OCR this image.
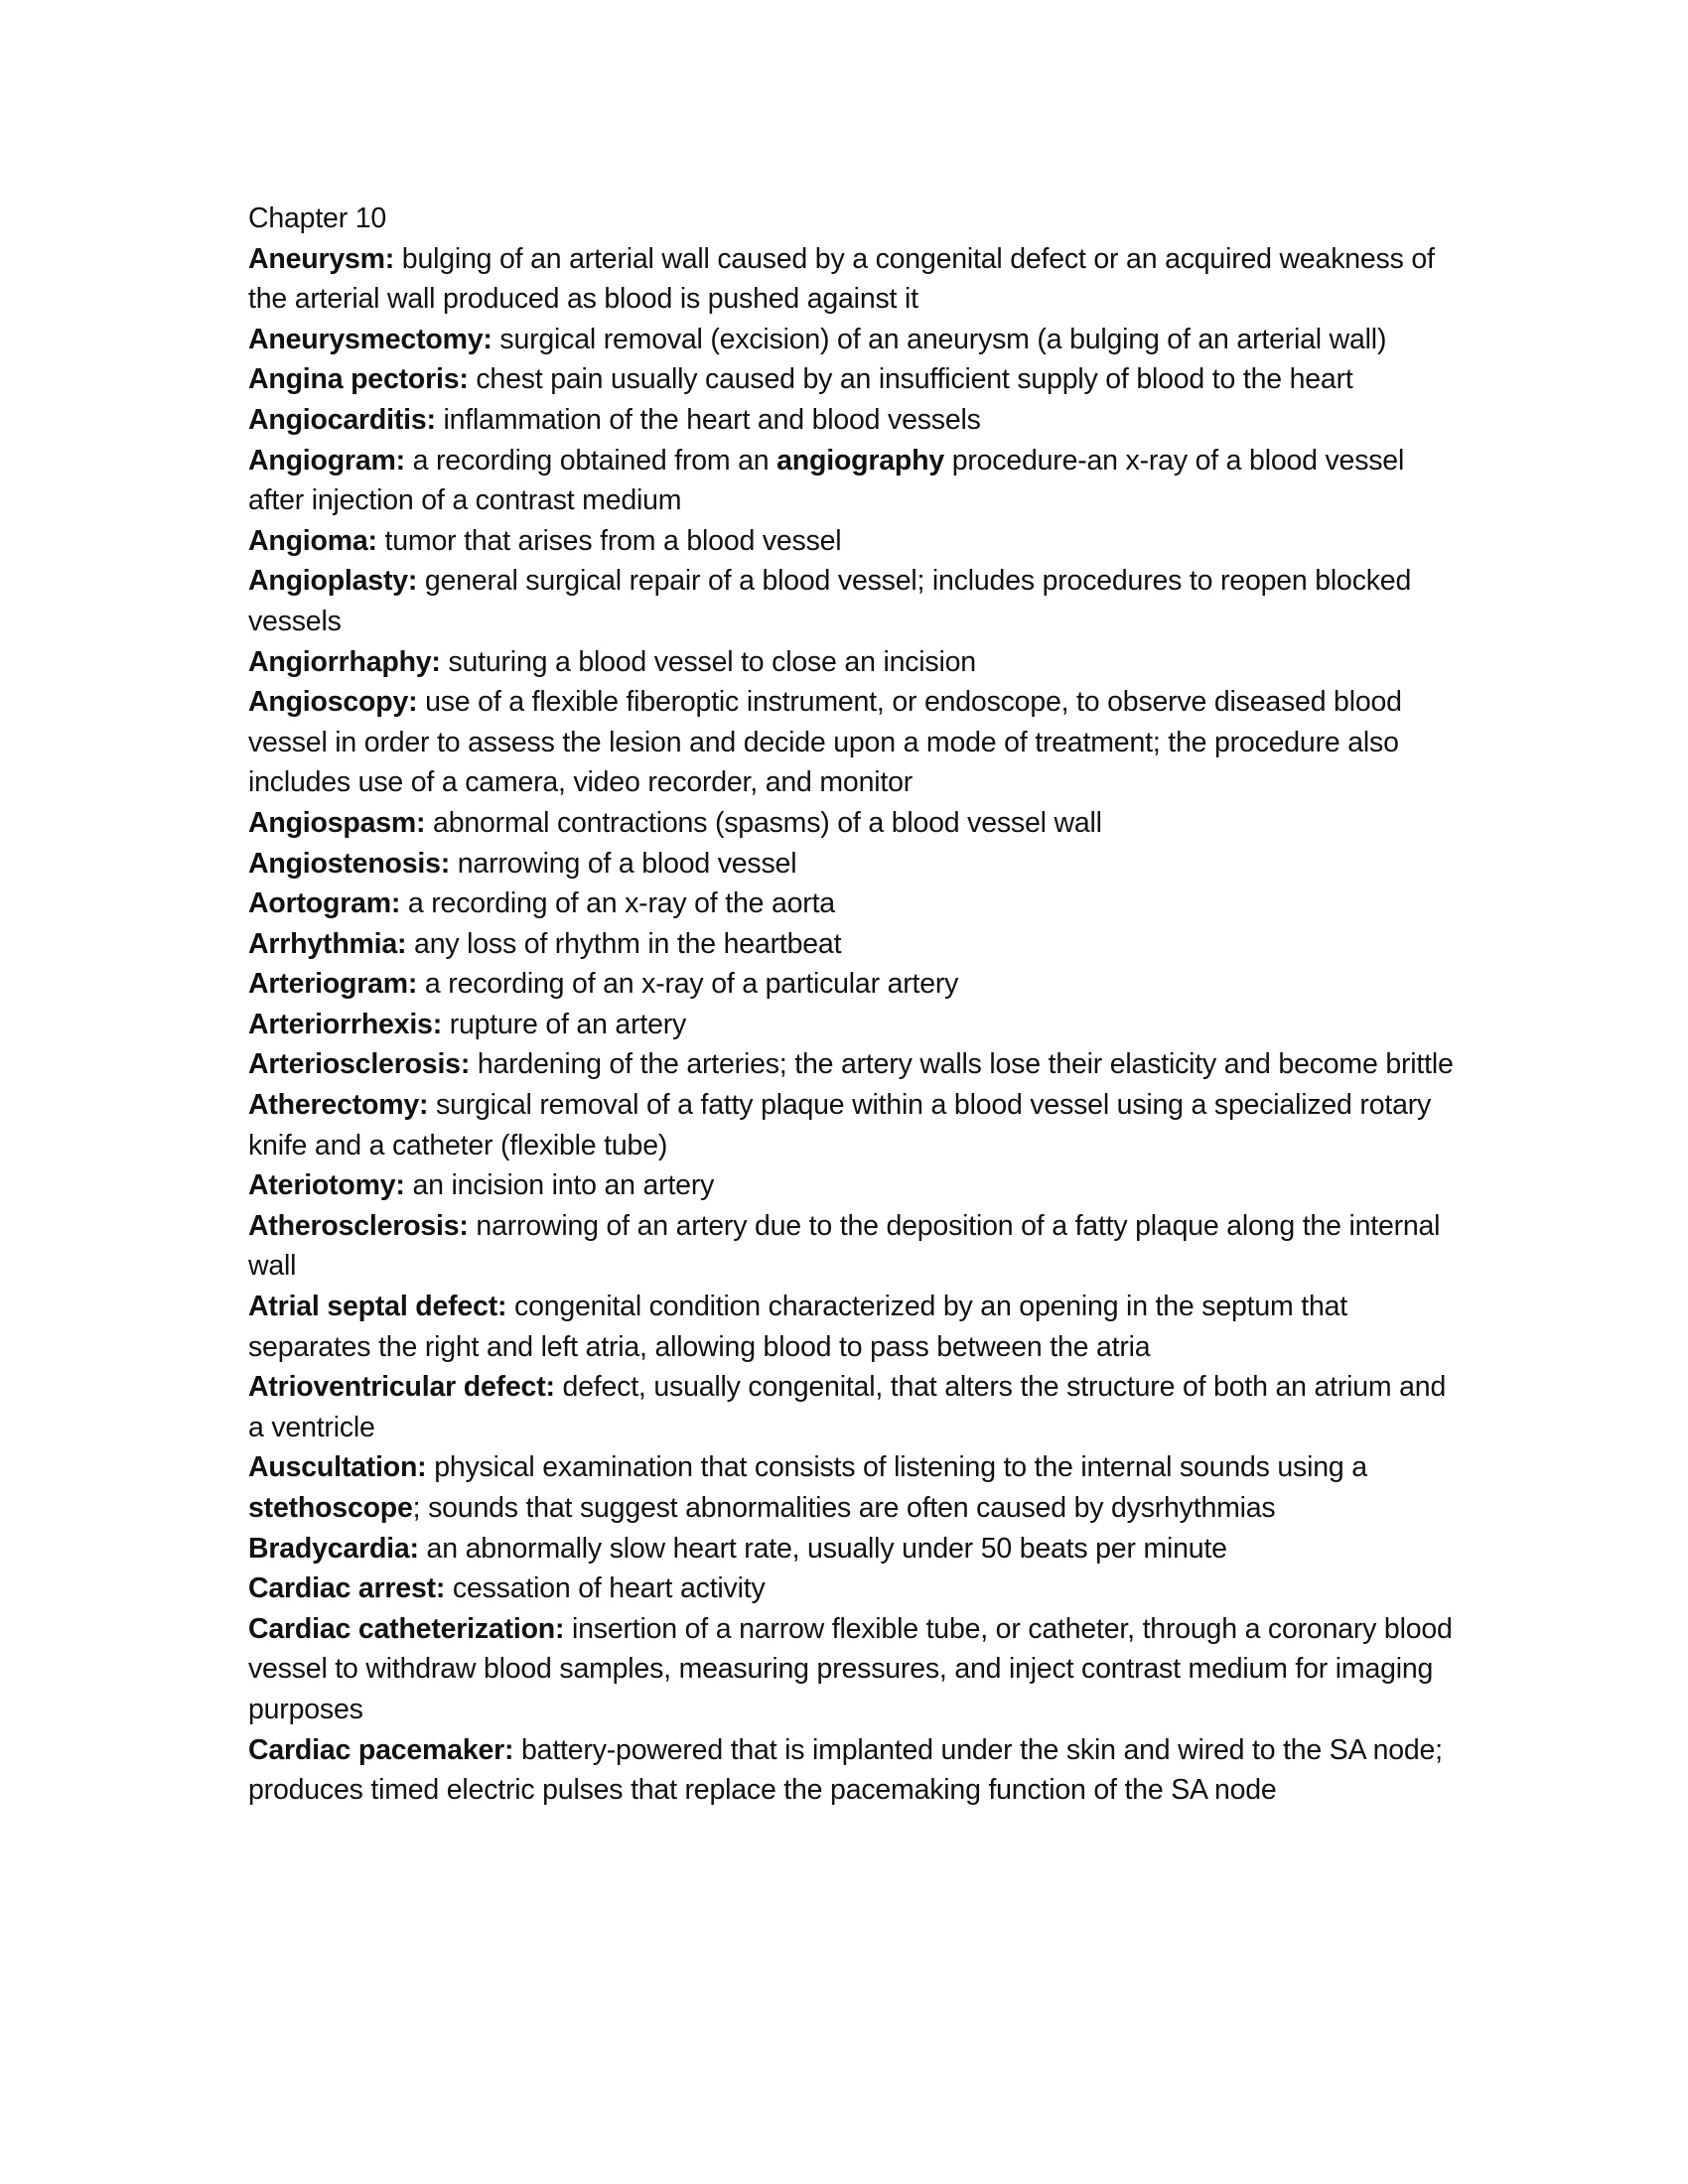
Chapter 10

Aneurysm: bulging of an arterial wall caused by a congenital defect or an acquired weakness of the arterial wall produced as blood is pushed against it

Aneurysmectomy: surgical removal (excision) of an aneurysm (a bulging of an arterial wall)

Angina pectoris: chest pain usually caused by an insufficient supply of blood to the heart

Angiocarditis: inflammation of the heart and blood vessels

Angiogram: a recording obtained from an angiography procedure-an x-ray of a blood vessel after injection of a contrast medium

Angioma: tumor that arises from a blood vessel

Angioplasty: general surgical repair of a blood vessel; includes procedures to reopen blocked vessels

Angiorrhaphy: suturing a blood vessel to close an incision

Angioscopy: use of a flexible fiberoptic instrument, or endoscope, to observe diseased blood vessel in order to assess the lesion and decide upon a mode of treatment; the procedure also includes use of a camera, video recorder, and monitor

Angiospasm: abnormal contractions (spasms) of a blood vessel wall

Angiostenosis: narrowing of a blood vessel

Aortogram: a recording of an x-ray of the aorta

Arrhythmia: any loss of rhythm in the heartbeat

Arteriogram: a recording of an x-ray of a particular artery

Arteriorrhexis: rupture of an artery

Arteriosclerosis: hardening of the arteries; the artery walls lose their elasticity and become brittle

Atherectomy: surgical removal of a fatty plaque within a blood vessel using a specialized rotary knife and a catheter (flexible tube)

Ateriotomy: an incision into an artery

Atherosclerosis: narrowing of an artery due to the deposition of a fatty plaque along the internal wall

Atrial septal defect: congenital condition characterized by an opening in the septum that separates the right and left atria, allowing blood to pass between the atria

Atrioventricular defect: defect, usually congenital, that alters the structure of both an atrium and a ventricle

Auscultation: physical examination that consists of listening to the internal sounds using a stethoscope; sounds that suggest abnormalities are often caused by dysrhythmias

Bradycardia: an abnormally slow heart rate, usually under 50 beats per minute

Cardiac arrest: cessation of heart activity

Cardiac catheterization: insertion of a narrow flexible tube, or catheter, through a coronary blood vessel to withdraw blood samples, measuring pressures, and inject contrast medium for imaging purposes

Cardiac pacemaker: battery-powered that is implanted under the skin and wired to the SA node; produces timed electric pulses that replace the pacemaking function of the SA node
